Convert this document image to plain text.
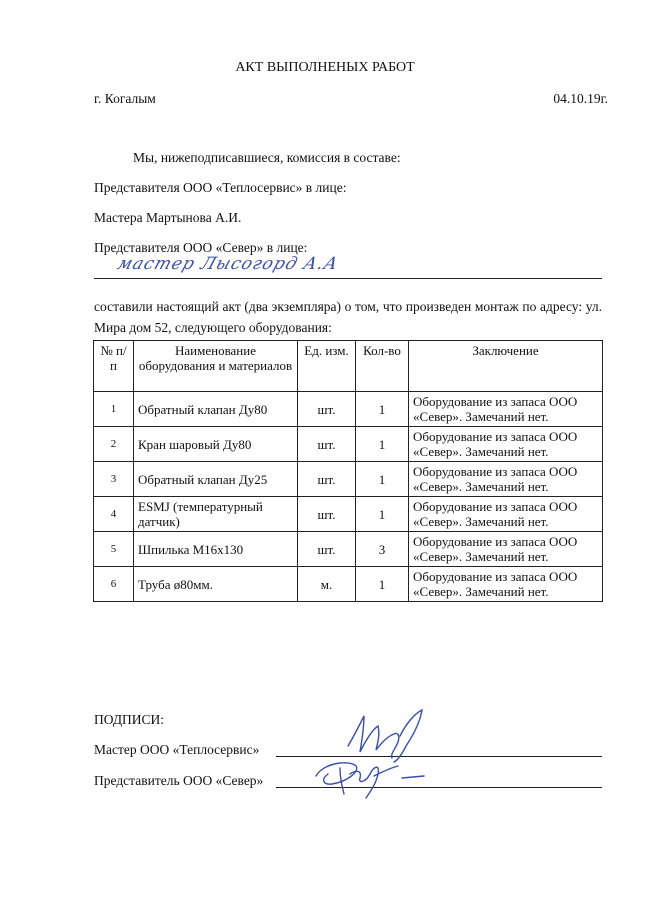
АКТ ВЫПОЛНЕНЫХ РАБОТ
г. Когалым	04.10.19г.
Мы, нижеподписавшиеся, комиссия в составе:
Представителя ООО «Теплосервис» в лице:
Мастера Мартынова А.И.
Представителя ООО «Север» в лице:
мастер Лысогорд А.А
составили настоящий акт (два экземпляра) о том, что произведен монтаж по адресу: ул. Мира дом 52, следующего оборудования:
№ п/п	Наименование оборудования и материалов	Ед. изм.	Кол-во	Заключение
1	Обратный клапан Ду80	шт.	1	Оборудование из запаса ООО «Север». Замечаний нет.
2	Кран шаровый Ду80	шт.	1	Оборудование из запаса ООО «Север». Замечаний нет.
3	Обратный клапан Ду25	шт.	1	Оборудование из запаса ООО «Север». Замечаний нет.
4	ESMJ (температурный датчик)	шт.	1	Оборудование из запаса ООО «Север». Замечаний нет.
5	Шпилька М16х130	шт.	3	Оборудование из запаса ООО «Север». Замечаний нет.
6	Труба ø80мм.	м.	1	Оборудование из запаса ООО «Север». Замечаний нет.
ПОДПИСИ:
Мастер ООО «Теплосервис»
Представитель ООО «Север»
